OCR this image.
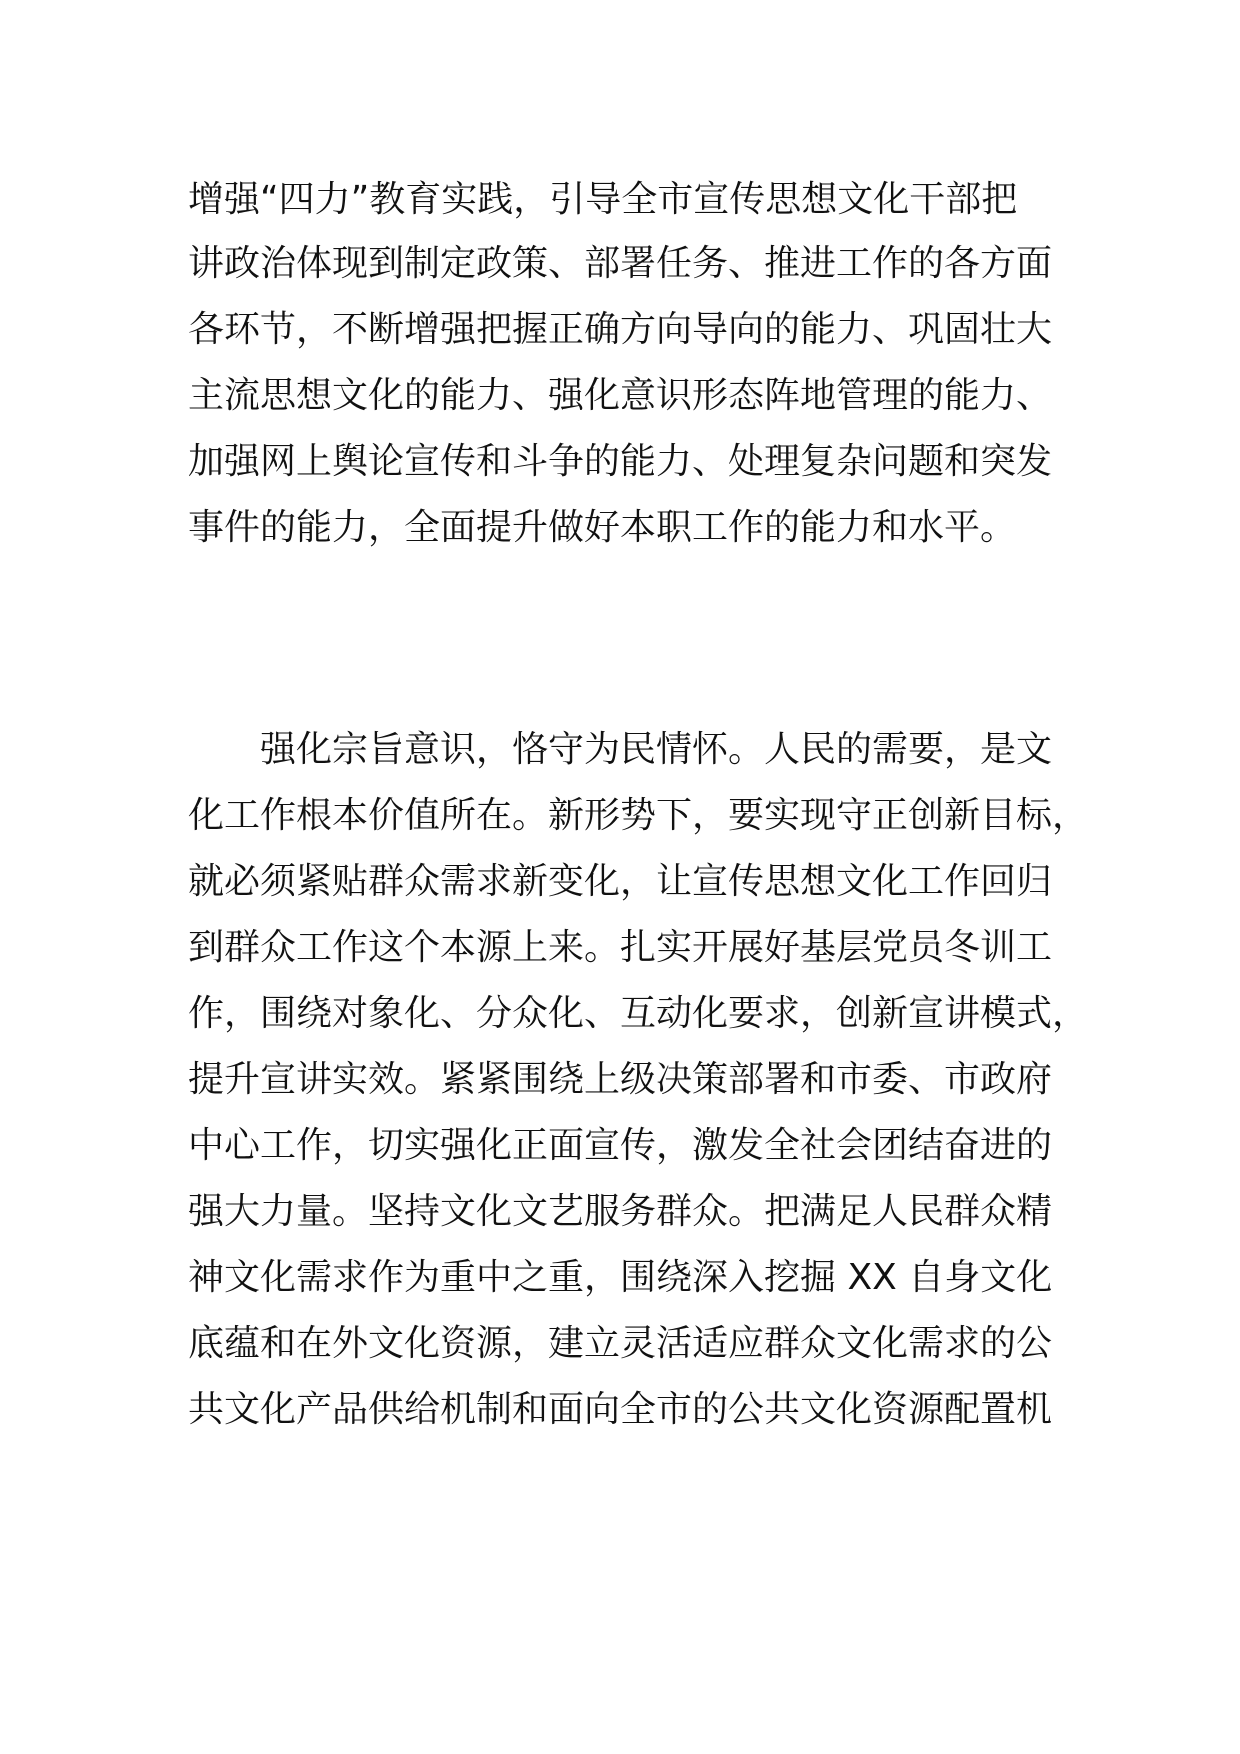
增强“四力”教育实践，引导全市宣传思想文化干部把
讲政治体现到制定政策、部署任务、推进工作的各方面
各环节，不断增强把握正确方向导向的能力、巩固壮大
主流思想文化的能力、强化意识形态阵地管理的能力、
加强网上舆论宣传和斗争的能力、处理复杂问题和突发
事件的能力，全面提升做好本职工作的能力和水平。
强化宗旨意识，恪守为民情怀。人民的需要，是文
化工作根本价值所在。新形势下，要实现守正创新目标，
就必须紧贴群众需求新变化，让宣传思想文化工作回归
到群众工作这个本源上来。扎实开展好基层党员冬训工
作，围绕对象化、分众化、互动化要求，创新宣讲模式，
提升宣讲实效。紧紧围绕上级决策部署和市委、市政府
中心工作，切实强化正面宣传，激发全社会团结奋进的
强大力量。坚持文化文艺服务群众。把满足人民群众精
神文化需求作为重中之重，围绕深入挖掘 XX 自身文化
底蕴和在外文化资源，建立灵活适应群众文化需求的公
共文化产品供给机制和面向全市的公共文化资源配置机
